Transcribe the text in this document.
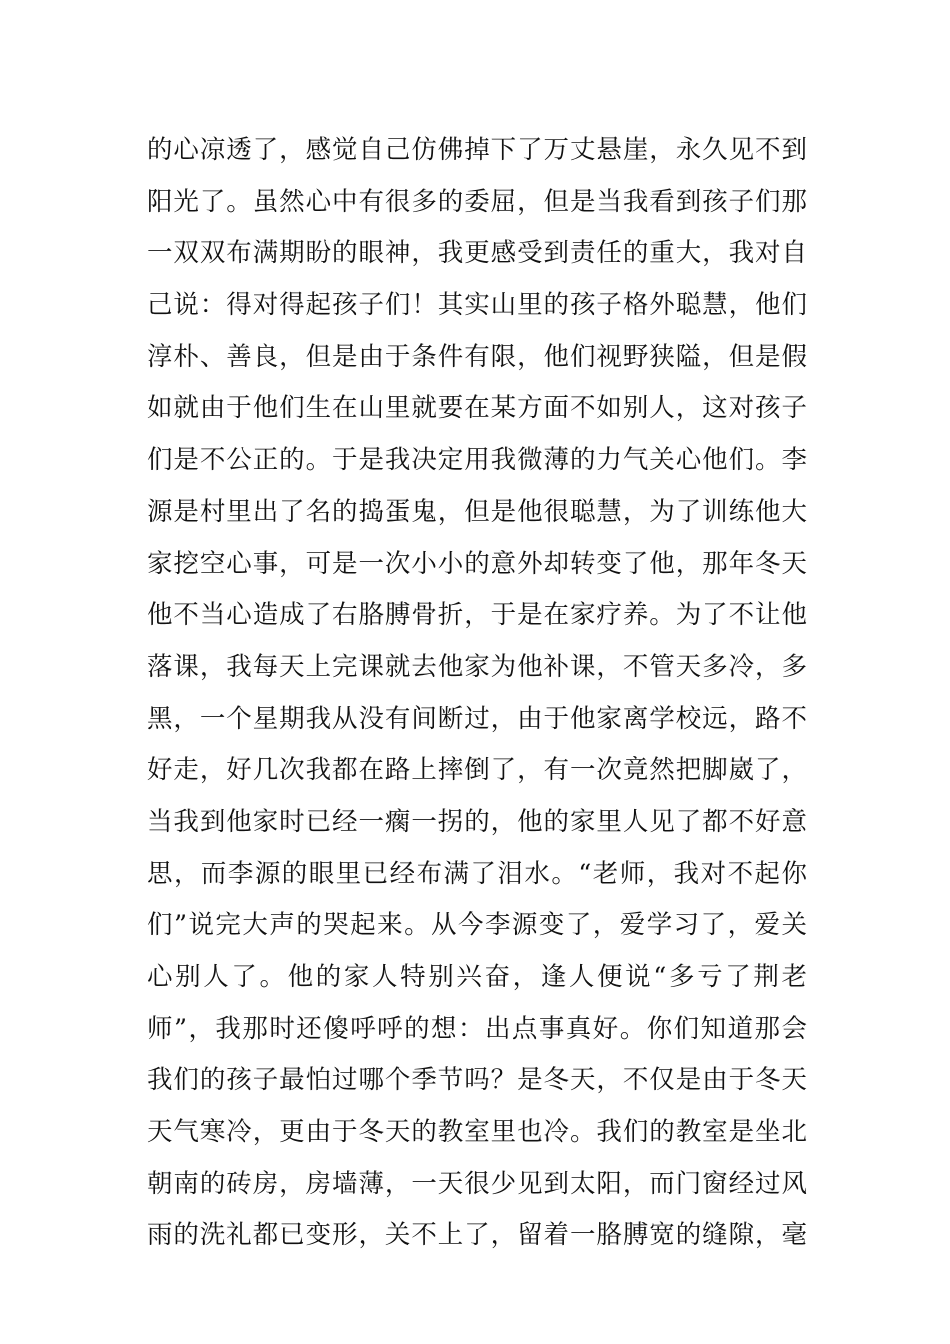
的心凉透了，感觉自己仿佛掉下了万丈悬崖，永久见不到
阳光了。虽然心中有很多的委屈，但是当我看到孩子们那
一双双布满期盼的眼神，我更感受到责任的重大，我对自
己说：得对得起孩子们！其实山里的孩子格外聪慧，他们
淳朴、善良，但是由于条件有限，他们视野狭隘，但是假
如就由于他们生在山里就要在某方面不如别人，这对孩子
们是不公正的。于是我决定用我微薄的力气关心他们。李
源是村里出了名的捣蛋鬼，但是他很聪慧，为了训练他大
家挖空心事，可是一次小小的意外却转变了他，那年冬天
他不当心造成了右胳膊骨折，于是在家疗养。为了不让他
落课，我每天上完课就去他家为他补课，不管天多冷，多
黑，一个星期我从没有间断过，由于他家离学校远，路不
好走，好几次我都在路上摔倒了，有一次竟然把脚崴了，
当我到他家时已经一瘸一拐的，他的家里人见了都不好意
思，而李源的眼里已经布满了泪水。“老师，我对不起你
们”说完大声的哭起来。从今李源变了，爱学习了，爱关
心别人了。他的家人特别兴奋，逢人便说“多亏了荆老
师”，我那时还傻呼呼的想：出点事真好。你们知道那会
我们的孩子最怕过哪个季节吗？是冬天，不仅是由于冬天
天气寒冷，更由于冬天的教室里也冷。我们的教室是坐北
朝南的砖房，房墙薄，一天很少见到太阳，而门窗经过风
雨的洗礼都已变形，关不上了，留着一胳膊宽的缝隙，毫
